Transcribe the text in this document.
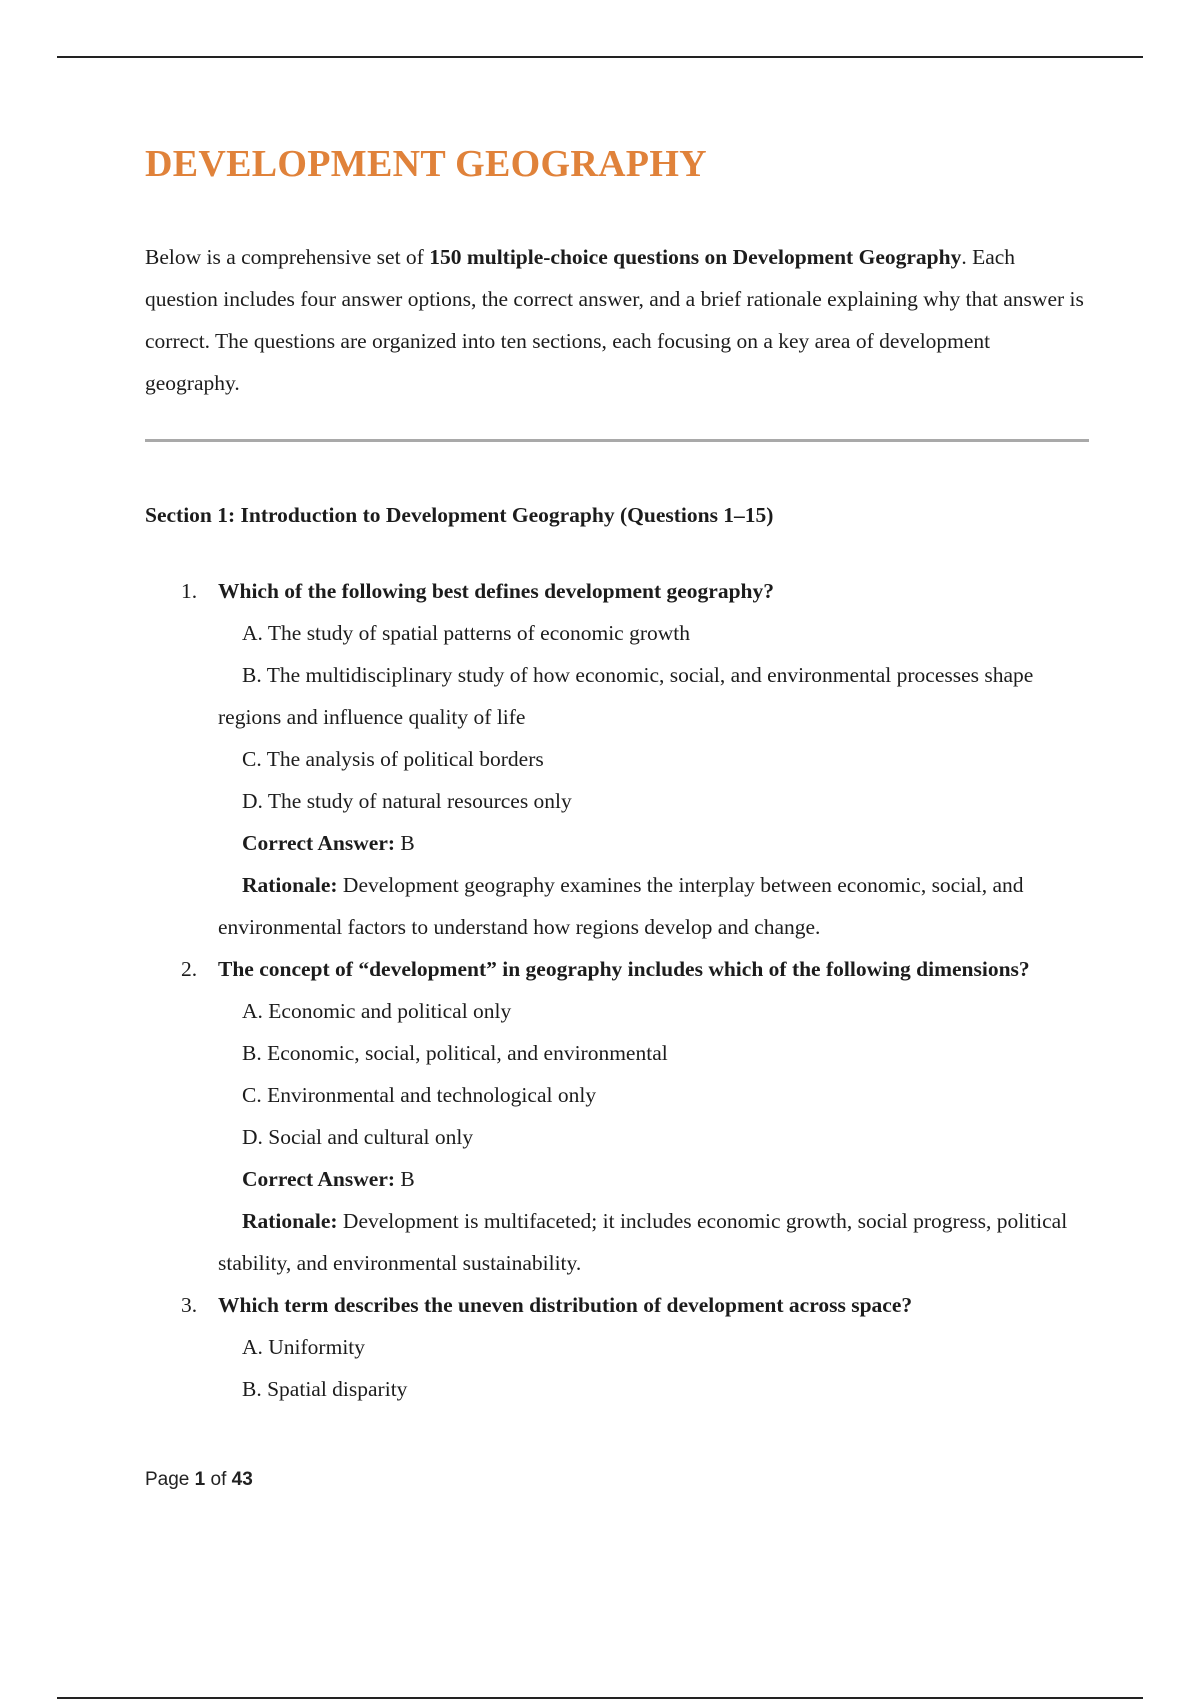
DEVELOPMENT GEOGRAPHY

Below is a comprehensive set of 150 multiple-choice questions on Development Geography. Each question includes four answer options, the correct answer, and a brief rationale explaining why that answer is correct. The questions are organized into ten sections, each focusing on a key area of development geography.

Section 1: Introduction to Development Geography (Questions 1–15)
1. Which of the following best defines development geography?
A. The study of spatial patterns of economic growth
B. The multidisciplinary study of how economic, social, and environmental processes shape regions and influence quality of life
C. The analysis of political borders
D. The study of natural resources only
Correct Answer: B
Rationale: Development geography examines the interplay between economic, social, and environmental factors to understand how regions develop and change.
2. The concept of “development” in geography includes which of the following dimensions?
A. Economic and political only
B. Economic, social, political, and environmental
C. Environmental and technological only
D. Social and cultural only
Correct Answer: B
Rationale: Development is multifaceted; it includes economic growth, social progress, political stability, and environmental sustainability.
3. Which term describes the uneven distribution of development across space?
A. Uniformity
B. Spatial disparity
Page 1 of 43
